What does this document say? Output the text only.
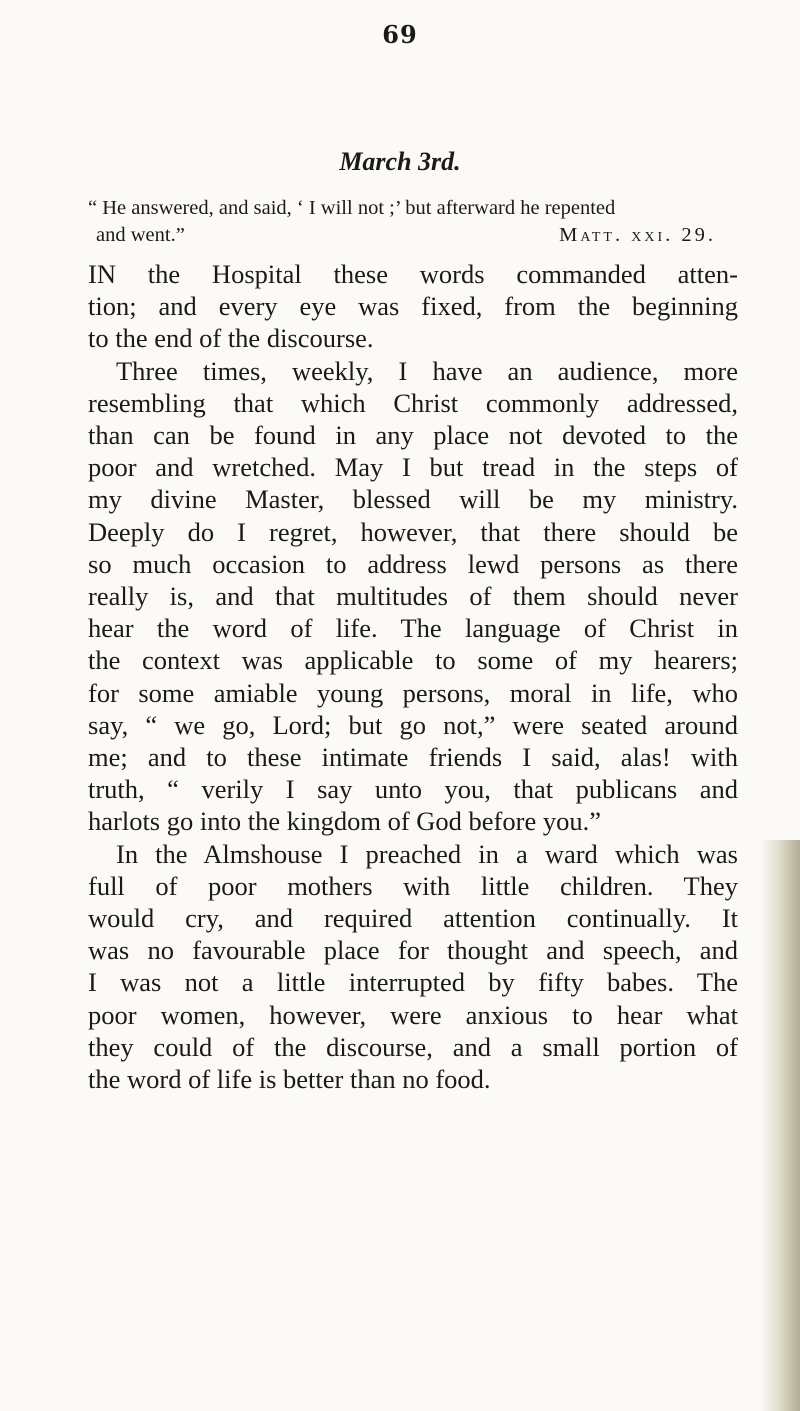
69
March 3rd.
“ He answered, and said, ‘ I will not ;’ but afterward he repented
and went.”	Matt. xxi. 29.

IN the Hospital these words commanded atten-
tion; and every eye was fixed, from the beginning
to the end of the discourse.

Three times, weekly, I have an audience, more
resembling that which Christ commonly addressed,
than can be found in any place not devoted to the
poor and wretched. May I but tread in the steps of
my divine Master, blessed will be my ministry.
Deeply do I regret, however, that there should be
so much occasion to address lewd persons as there
really is, and that multitudes of them should never
hear the word of life. The language of Christ in
the context was applicable to some of my hearers;
for some amiable young persons, moral in life, who
say, “ we go, Lord; but go not,” were seated around
me; and to these intimate friends I said, alas! with
truth, “ verily I say unto you, that publicans and
harlots go into the kingdom of God before you.”

In the Almshouse I preached in a ward which was
full of poor mothers with little children. They
would cry, and required attention continually. It
was no favourable place for thought and speech, and
I was not a little interrupted by fifty babes. The
poor women, however, were anxious to hear what
they could of the discourse, and a small portion of
the word of life is better than no food.
